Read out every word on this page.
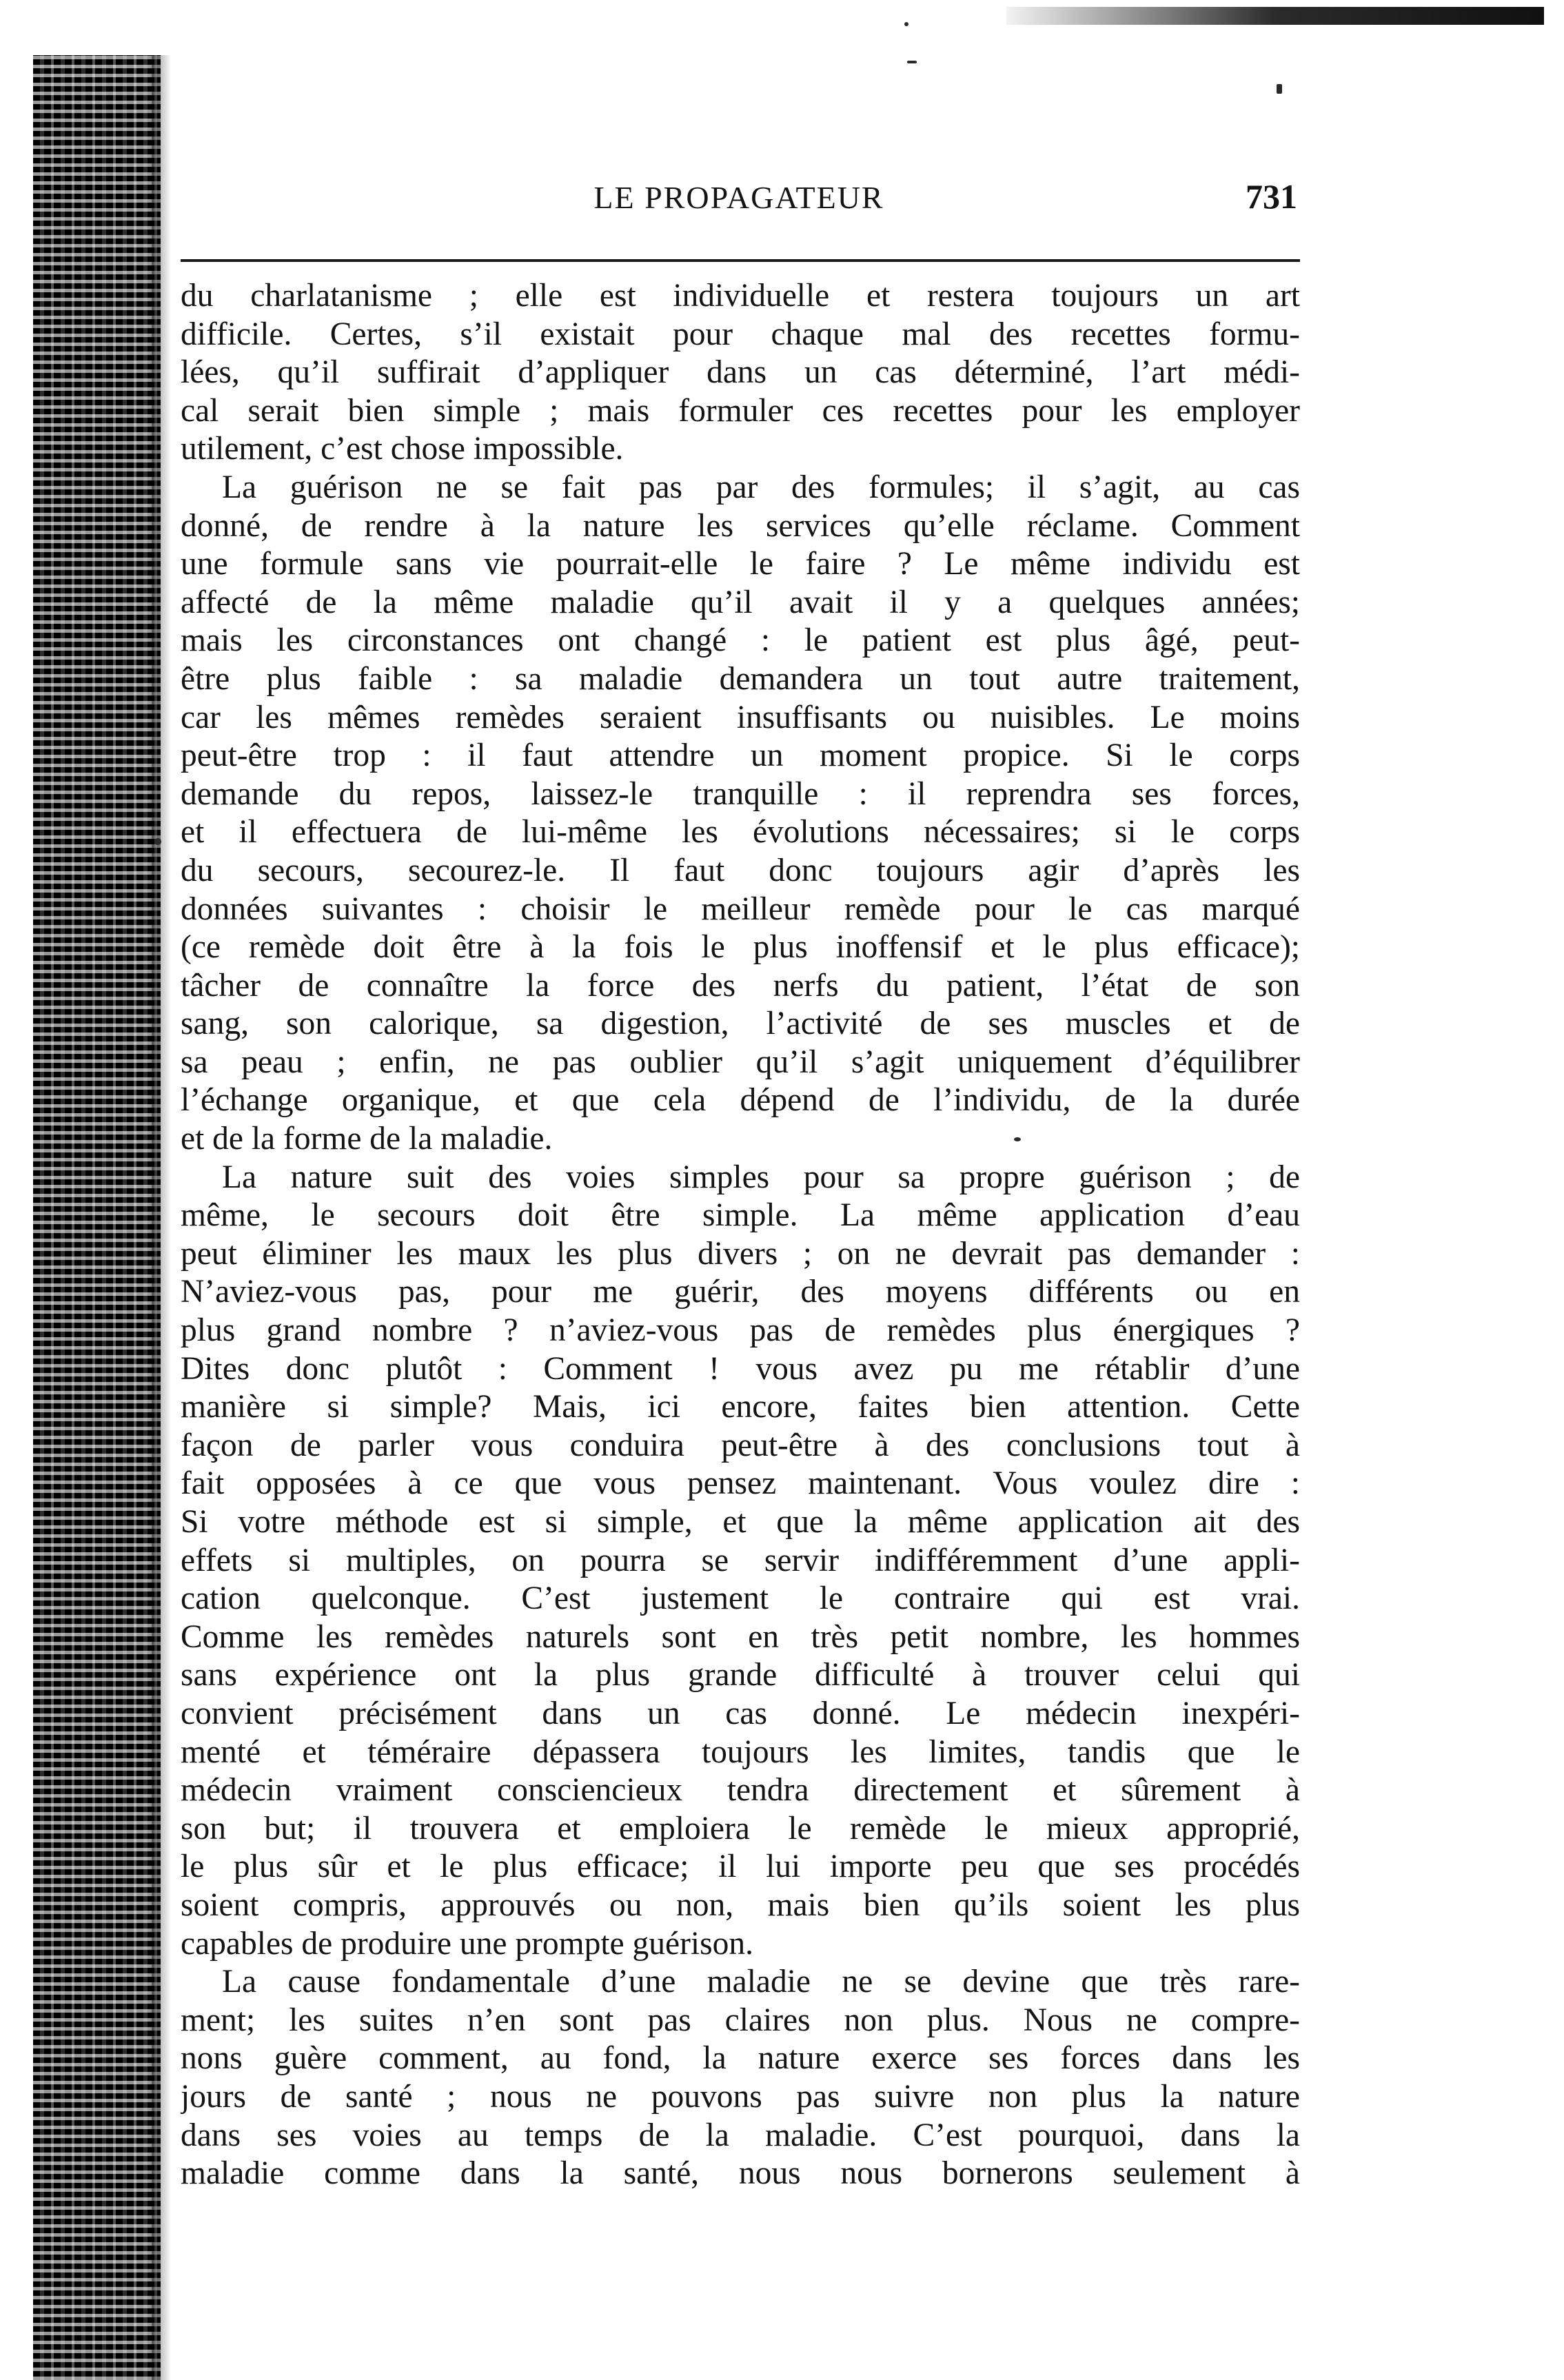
LE PROPAGATEUR	731
du charlatanisme ; elle est individuelle et restera toujours un art
difficile. Certes, s’il existait pour chaque mal des recettes formu-
lées, qu’il suffirait d’appliquer dans un cas déterminé, l’art médi-
cal serait bien simple ; mais formuler ces recettes pour les employer
utilement, c’est chose impossible.
La guérison ne se fait pas par des formules; il s’agit, au cas
donné, de rendre à la nature les services qu’elle réclame. Comment
une formule sans vie pourrait-elle le faire ? Le même individu est
affecté de la même maladie qu’il avait il y a quelques années;
mais les circonstances ont changé : le patient est plus âgé, peut-
être plus faible : sa maladie demandera un tout autre traitement,
car les mêmes remèdes seraient insuffisants ou nuisibles. Le moins
peut-être trop : il faut attendre un moment propice. Si le corps
demande du repos, laissez-le tranquille : il reprendra ses forces,
et il effectuera de lui-même les évolutions nécessaires; si le corps
du secours, secourez-le. Il faut donc toujours agir d’après les
données suivantes : choisir le meilleur remède pour le cas marqué
(ce remède doit être à la fois le plus inoffensif et le plus efficace);
tâcher de connaître la force des nerfs du patient, l’état de son
sang, son calorique, sa digestion, l’activité de ses muscles et de
sa peau ; enfin, ne pas oublier qu’il s’agit uniquement d’équilibrer
l’échange organique, et que cela dépend de l’individu, de la durée
et de la forme de la maladie.
La nature suit des voies simples pour sa propre guérison ; de
même, le secours doit être simple. La même application d’eau
peut éliminer les maux les plus divers ; on ne devrait pas demander :
N’aviez-vous pas, pour me guérir, des moyens différents ou en
plus grand nombre ? n’aviez-vous pas de remèdes plus énergiques ?
Dites donc plutôt : Comment ! vous avez pu me rétablir d’une
manière si simple? Mais, ici encore, faites bien attention. Cette
façon de parler vous conduira peut-être à des conclusions tout à
fait opposées à ce que vous pensez maintenant. Vous voulez dire :
Si votre méthode est si simple, et que la même application ait des
effets si multiples, on pourra se servir indifféremment d’une appli-
cation quelconque. C’est justement le contraire qui est vrai.
Comme les remèdes naturels sont en très petit nombre, les hommes
sans expérience ont la plus grande difficulté à trouver celui qui
convient précisément dans un cas donné. Le médecin inexpéri-
menté et téméraire dépassera toujours les limites, tandis que le
médecin vraiment consciencieux tendra directement et sûrement à
son but; il trouvera et emploiera le remède le mieux approprié,
le plus sûr et le plus efficace; il lui importe peu que ses procédés
soient compris, approuvés ou non, mais bien qu’ils soient les plus
capables de produire une prompte guérison.
La cause fondamentale d’une maladie ne se devine que très rare-
ment; les suites n’en sont pas claires non plus. Nous ne compre-
nons guère comment, au fond, la nature exerce ses forces dans les
jours de santé ; nous ne pouvons pas suivre non plus la nature
dans ses voies au temps de la maladie. C’est pourquoi, dans la
maladie comme dans la santé, nous nous bornerons seulement à
